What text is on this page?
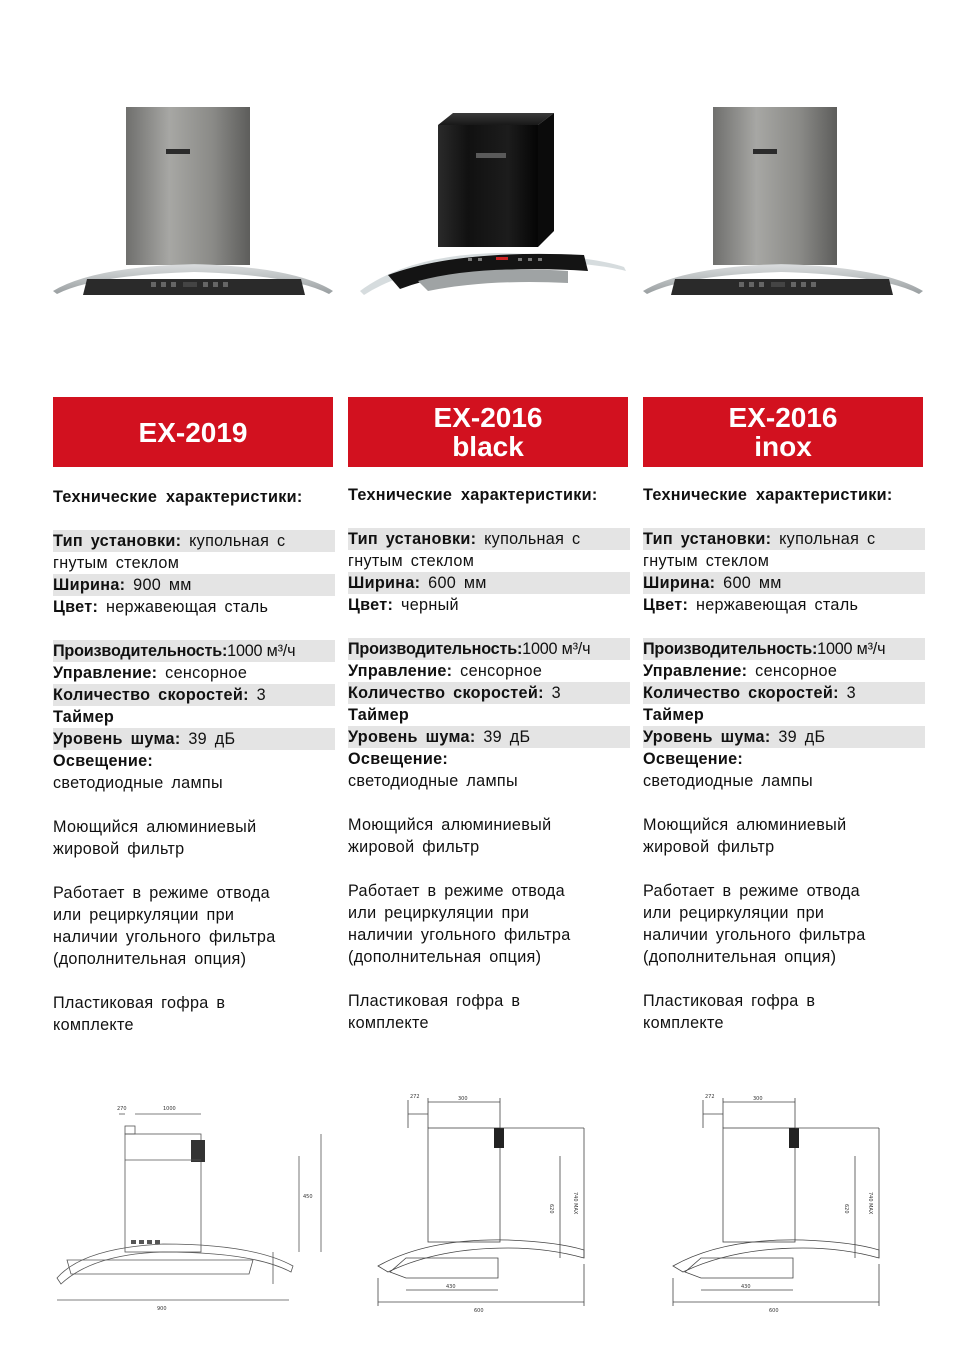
EX-2019
Технические характеристики:
Тип установки: купольная с
гнутым стеклом
Ширина: 900 мм
Цвет: нержавеющая сталь
Производительность:1000 м³/ч
Управление: сенсорное
Количество скоростей: 3
Таймер
Уровень шума: 39 дБ
Освещение:
светодиодные лампы
Моющийся алюминиевый
жировой фильтр
Работает в режиме отвода
или рециркуляции при
наличии угольного фильтра
(дополнительная опция)
Пластиковая гофра в
комплекте
270	1000
900
450
EX-2016
black
Технические характеристики:
Тип установки: купольная с
гнутым стеклом
Ширина: 600 мм
Цвет: черный
Производительность:1000 м³/ч
Управление: сенсорное
Количество скоростей: 3
Таймер
Уровень шума: 39 дБ
Освещение:
светодиодные лампы
Моющийся алюминиевый
жировой фильтр
Работает в режиме отвода
или рециркуляции при
наличии угольного фильтра
(дополнительная опция)
Пластиковая гофра в
комплекте
272	300
740 MAX
620
430
600
EX-2016
inox
Технические характеристики:
Тип установки: купольная с
гнутым стеклом
Ширина: 600 мм
Цвет: нержавеющая сталь
Производительность:1000 м³/ч
Управление: сенсорное
Количество скоростей: 3
Таймер
Уровень шума: 39 дБ
Освещение:
светодиодные лампы
Моющийся алюминиевый
жировой фильтр
Работает в режиме отвода
или рециркуляции при
наличии угольного фильтра
(дополнительная опция)
Пластиковая гофра в
комплекте
272	300
740 MAX
620
430
600
